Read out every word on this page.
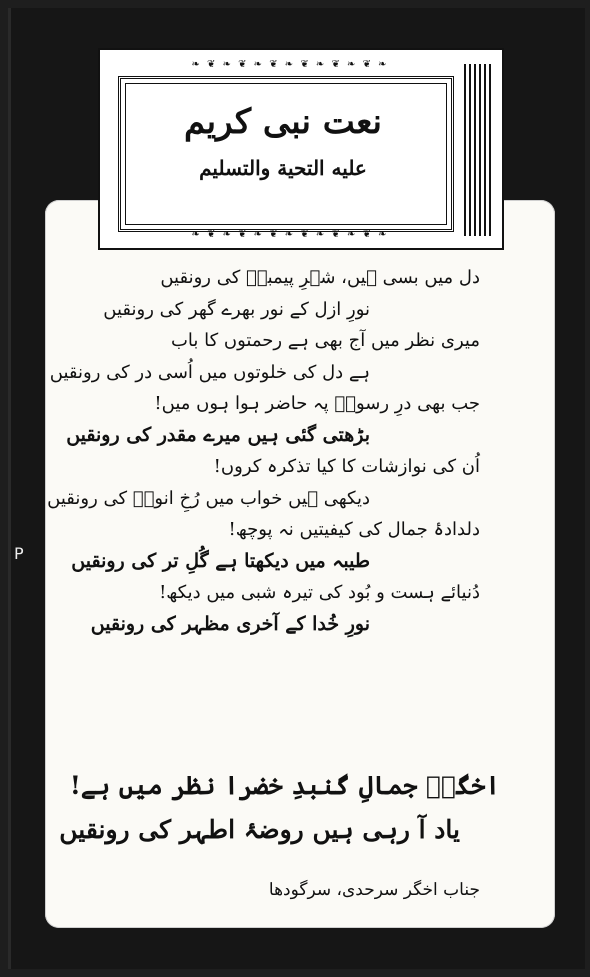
❧ ❦ ❧ ❦ ❧ ❦ ❧ ❦ ❧ ❦ ❧ ❦ ❧
نعت نبی کریم
علیه التحیة والتسلیم
❧ ❦ ❧ ❦ ❧ ❦ ❧ ❦ ❧ ❦ ❧ ❦ ❧
دل میں بسی ہیں، شہرِ پیمبرؐ کی رونقیں
نورِ ازل کے نور بھرے گھر کی رونقیں
میری نظر میں آج بھی ہے رحمتوں کا باب
ہے دل کی خلوتوں میں اُسی در کی رونقیں
جب بھی درِ رسولؐ پہ حاضر ہوا ہوں میں!
بڑھتی گئی ہیں میرے مقدر کی رونقیں
اُن کی نوازشات کا کیا تذکرہ کروں!
دیکھی ہیں خواب میں رُخِ انورؐ کی رونقیں
دلدادۂ جمال کی کیفیتیں نہ پوچھ!
طیبہ میں دیکھتا ہے گُلِ تر کی رونقیں
دُنیائے ہست و بُود کی تیرہ شبی میں دیکھ!
نورِ خُدا کے آخری مظہر کی رونقیں
اخگرؔ جمالِ گنبدِ خضرا نظر میں ہے!
یاد آ رہی ہیں روضۂ اطہر کی رونقیں
جناب اخگر سرحدی، سرگودھا
P
